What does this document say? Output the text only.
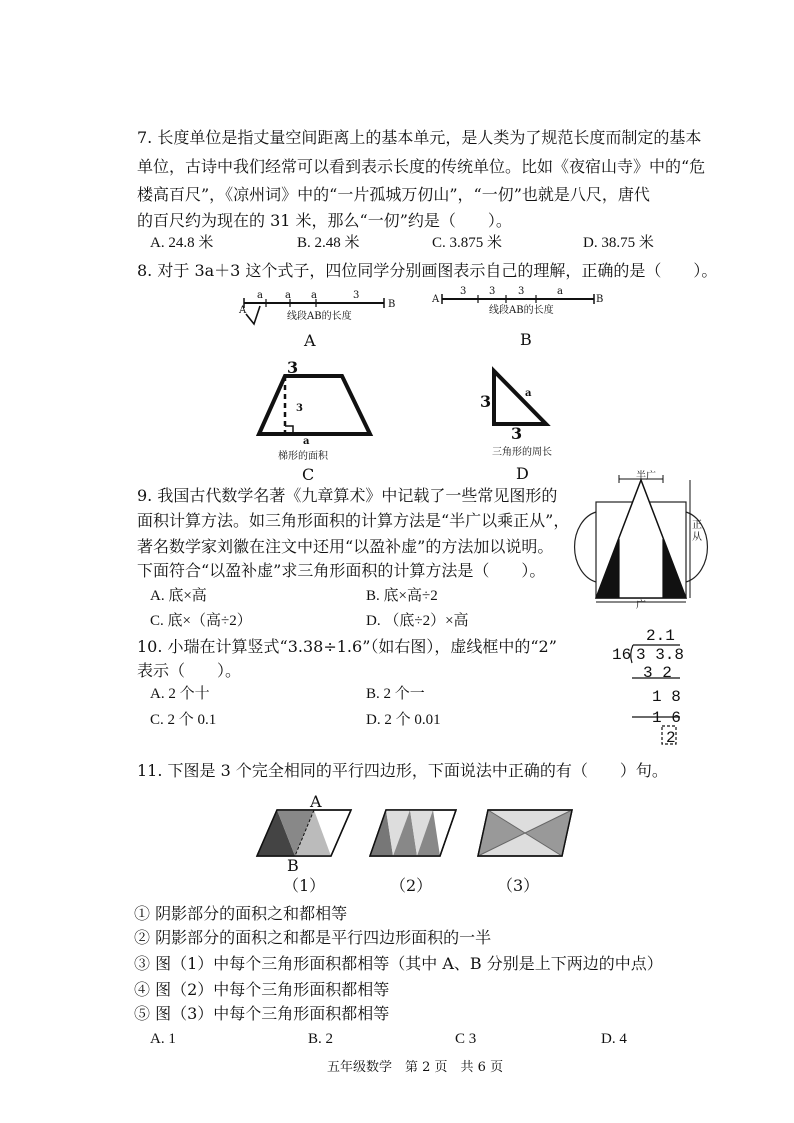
7. 长度单位是指丈量空间距离上的基本单元，是人类为了规范长度而制定的基本
单位，古诗中我们经常可以看到表示长度的传统单位。比如《夜宿山寺》中的“危
楼高百尺”，《凉州词》中的“一片孤城万仞山”，“一仞”也就是八尺，唐代
的百尺约为现在的 31 米，那么“一仞”约是（　　）。
A. 24.8 米	B. 2.48 米	C. 3.875 米	D. 38.75 米
8. 对于 3a＋3 这个式子，四位同学分别画图表示自己的理解，正确的是（　　）。
a a a	3
A
B
线段AB的长度
A
3 3 3	a
A	B
线段AB的长度
B
3
3
a
梯形的面积
C
3	a
3
三角形的周长
D
9. 我国古代数学名著《九章算术》中记载了一些常见图形的
面积计算方法。如三角形面积的计算方法是“半广以乘正从”，
著名数学家刘徽在注文中还用“以盈补虚”的方法加以说明。
下面符合“以盈补虚”求三角形面积的计算方法是（　　）。
A. 底×高	B. 底×高÷2
C. 底×（高÷2）	D. （底÷2）×高
半广
正从
广
10. 小瑞在计算竖式“3.38÷1.6”（如右图），虚线框中的“2”
表示（　　）。
A. 2 个十	B. 2 个一
C. 2 个 0.1	D. 2 个 0.01
2.1
16 3 3.8
3 2
1 8
1 6
2
11. 下图是 3 个完全相同的平行四边形，下面说法中正确的有（　　）句。
A
B
（1）	（2）	（3）
① 阴影部分的面积之和都相等
② 阴影部分的面积之和都是平行四边形面积的一半
③ 图（1）中每个三角形面积都相等（其中 A、B 分别是上下两边的中点）
④ 图（2）中每个三角形面积都相等
⑤ 图（3）中每个三角形面积都相等
A. 1	B. 2	C 3	D. 4
五年级数学　第 2 页　共 6 页
